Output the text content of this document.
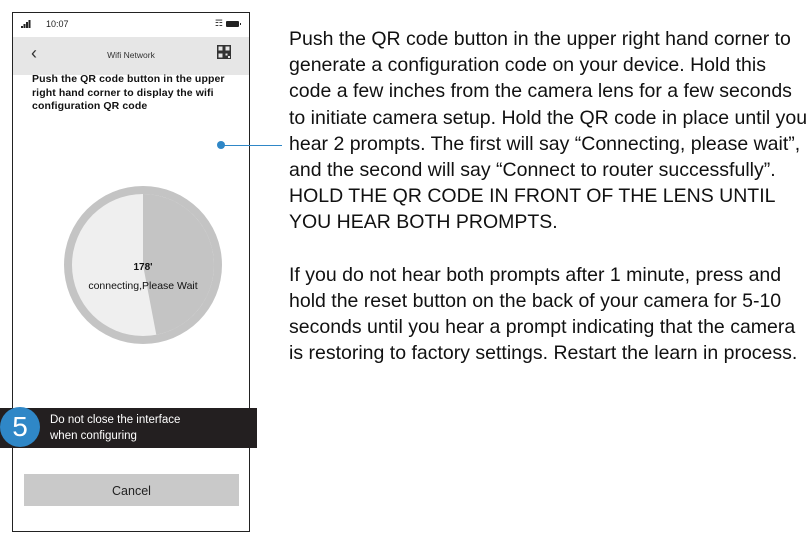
10:07	☶
‹	Wifi Network
Push the QR code button in the upper right hand corner to display the wifi configuration QR code
178'
connecting,Please Wait
Cancel
Do not close the interface
when configuring
5

Push the QR code button in the upper right hand corner to generate a configuration code on your device. Hold this code a few inches from the camera lens for a few seconds to initiate camera setup. Hold the QR code in place until you hear 2 prompts. The first will say “Connecting, please wait”, and the second will say “Connect to router successfully”. HOLD THE QR CODE IN FRONT OF THE LENS UNTIL YOU HEAR BOTH PROMPTS.

If you do not hear both prompts after 1 minute, press and hold the reset button on the back of your camera for 5-10 seconds until you hear a prompt indicating that the camera is restoring to factory settings. Restart the learn in process.
